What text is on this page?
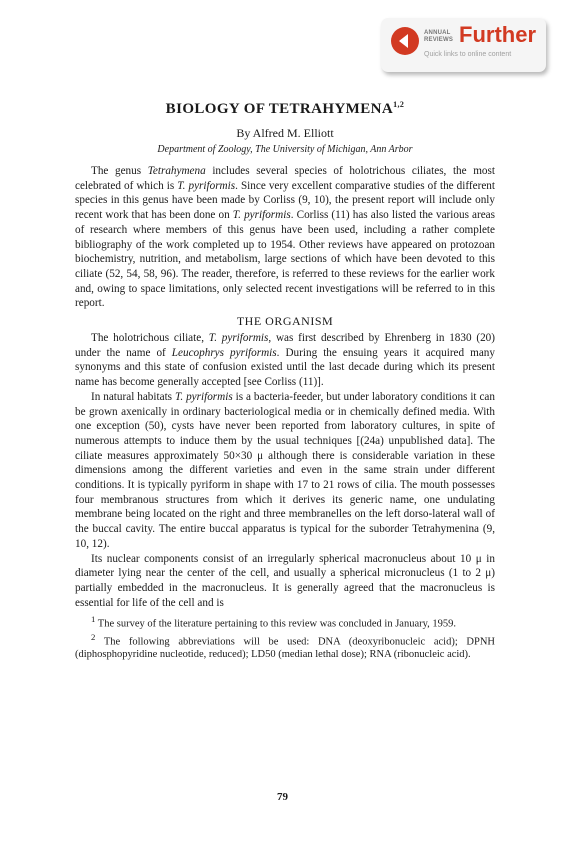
ANNUAL
REVIEWS Further
Quick links to online content
BIOLOGY OF TETRAHYMENA$^{1,2}$
By Alfred M. Elliott
Department of Zoology, The University of Michigan, Ann Arbor

The genus Tetrahymena includes several species of holotrichous ciliates, the most celebrated of which is T. pyriformis. Since very excellent comparative studies of the different species in this genus have been made by Corliss (9, 10), the present report will include only recent work that has been done on T. pyriformis. Corliss (11) has also listed the various areas of research where members of this genus have been used, including a rather complete bibliography of the work completed up to 1954. Other reviews have appeared on protozoan biochemistry, nutrition, and metabolism, large sections of which have been devoted to this ciliate (52, 54, 58, 96). The reader, therefore, is referred to these reviews for the earlier work and, owing to space limitations, only selected recent investigations will be referred to in this report.

THE ORGANISM

The holotrichous ciliate, T. pyriformis, was first described by Ehrenberg in 1830 (20) under the name of Leucophrys pyriformis. During the ensuing years it acquired many synonyms and this state of confusion existed until the last decade during which its present name has become generally accepted [see Corliss (11)].

In natural habitats T. pyriformis is a bacteria-feeder, but under laboratory conditions it can be grown axenically in ordinary bacteriological media or in chemically defined media. With one exception (50), cysts have never been reported from laboratory cultures, in spite of numerous attempts to induce them by the usual techniques [(24a) unpublished data]. The ciliate measures approximately 50×30 μ although there is considerable variation in these dimensions among the different varieties and even in the same strain under different conditions. It is typically pyriform in shape with 17 to 21 rows of cilia. The mouth possesses four membranous structures from which it derives its generic name, one undulating membrane being located on the right and three membranelles on the left dorso-lateral wall of the buccal cavity. The entire buccal apparatus is typical for the suborder Tetrahymenina (9, 10, 12).

Its nuclear components consist of an irregularly spherical macronucleus about 10 μ in diameter lying near the center of the cell, and usually a spherical micronucleus (1 to 2 μ) partially embedded in the macronucleus. It is generally agreed that the macronucleus is essential for life of the cell and is

$^1$ The survey of the literature pertaining to this review was concluded in January, 1959.

$^2$ The following abbreviations will be used: DNA (deoxyribonucleic acid); DPNH (diphosphopyridine nucleotide, reduced); LD50 (median lethal dose); RNA (ribonucleic acid).

79
